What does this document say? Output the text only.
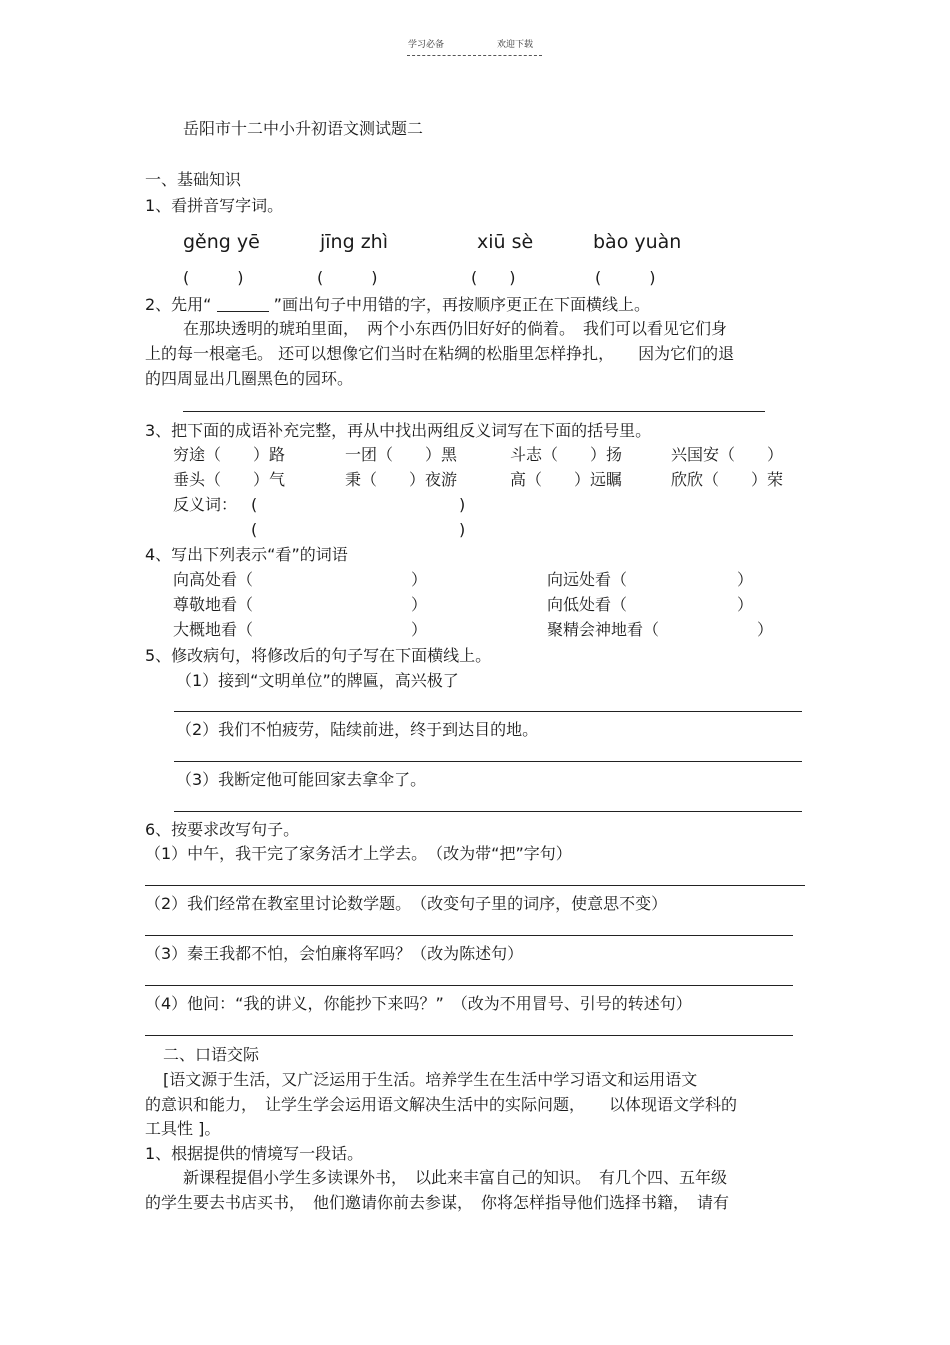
学习必备	欢迎下载
岳阳市十二中小升初语文测试题二
一、基础知识
1、看拼音写字词。
gěng yē	jīng zhì	xiū sè	bào yuàn
(　　　)	(　　　)	(　　)	(　　　)
2、先用“	”画出句子中用错的字，再按顺序更正在下面横线上。
在那块透明的琥珀里面，　两个小东西仍旧好好的倘着。　我们可以看见它们身
上的每一根毫毛。 还可以想像它们当时在粘绸的松脂里怎样挣扎，　　因为它们的退
的四周显出几圈黑色的园环。
3、把下面的成语补充完整，再从中找出两组反义词写在下面的括号里。
穷途（　　）路	一团（　　）黑	斗志（　　）扬	兴国安（　　）
垂头（　　）气	秉（　　）夜游	高（　　）远瞩	欣欣（　　）荣
反义词： (	)
(	)
4、写出下列表示“看”的词语
向高处看（	）	向远处看（	）
尊敬地看（	）	向低处看（	）
大概地看（	）	聚精会神地看（	）
5、修改病句，将修改后的句子写在下面横线上。
（1）接到“文明单位”的牌匾，高兴极了
（2）我们不怕疲劳，陆续前进，终于到达目的地。
（3）我断定他可能回家去拿伞了。
6、按要求改写句子。
（1）中午，我干完了家务活才上学去。　（改为带“把”字句）
（2）我们经常在教室里讨论数学题。　（改变句子里的词序，使意思不变）
（3）秦王我都不怕，会怕廉将军吗？（改为陈述句）
（4）他问：“我的讲义，你能抄下来吗？”　（改为不用冒号、引号的转述句）
二、口语交际
[语文源于生活，又广泛运用于生活。培养学生在生活中学习语文和运用语文
的意识和能力，　让学生学会运用语文解决生活中的实际问题，　　以体现语文学科的
工具性 ]。
1、根据提供的情境写一段话。
新课程提倡小学生多读课外书，　以此来丰富自己的知识。　有几个四、五年级
的学生要去书店买书，　他们邀请你前去参谋，　你将怎样指导他们选择书籍，　请有
